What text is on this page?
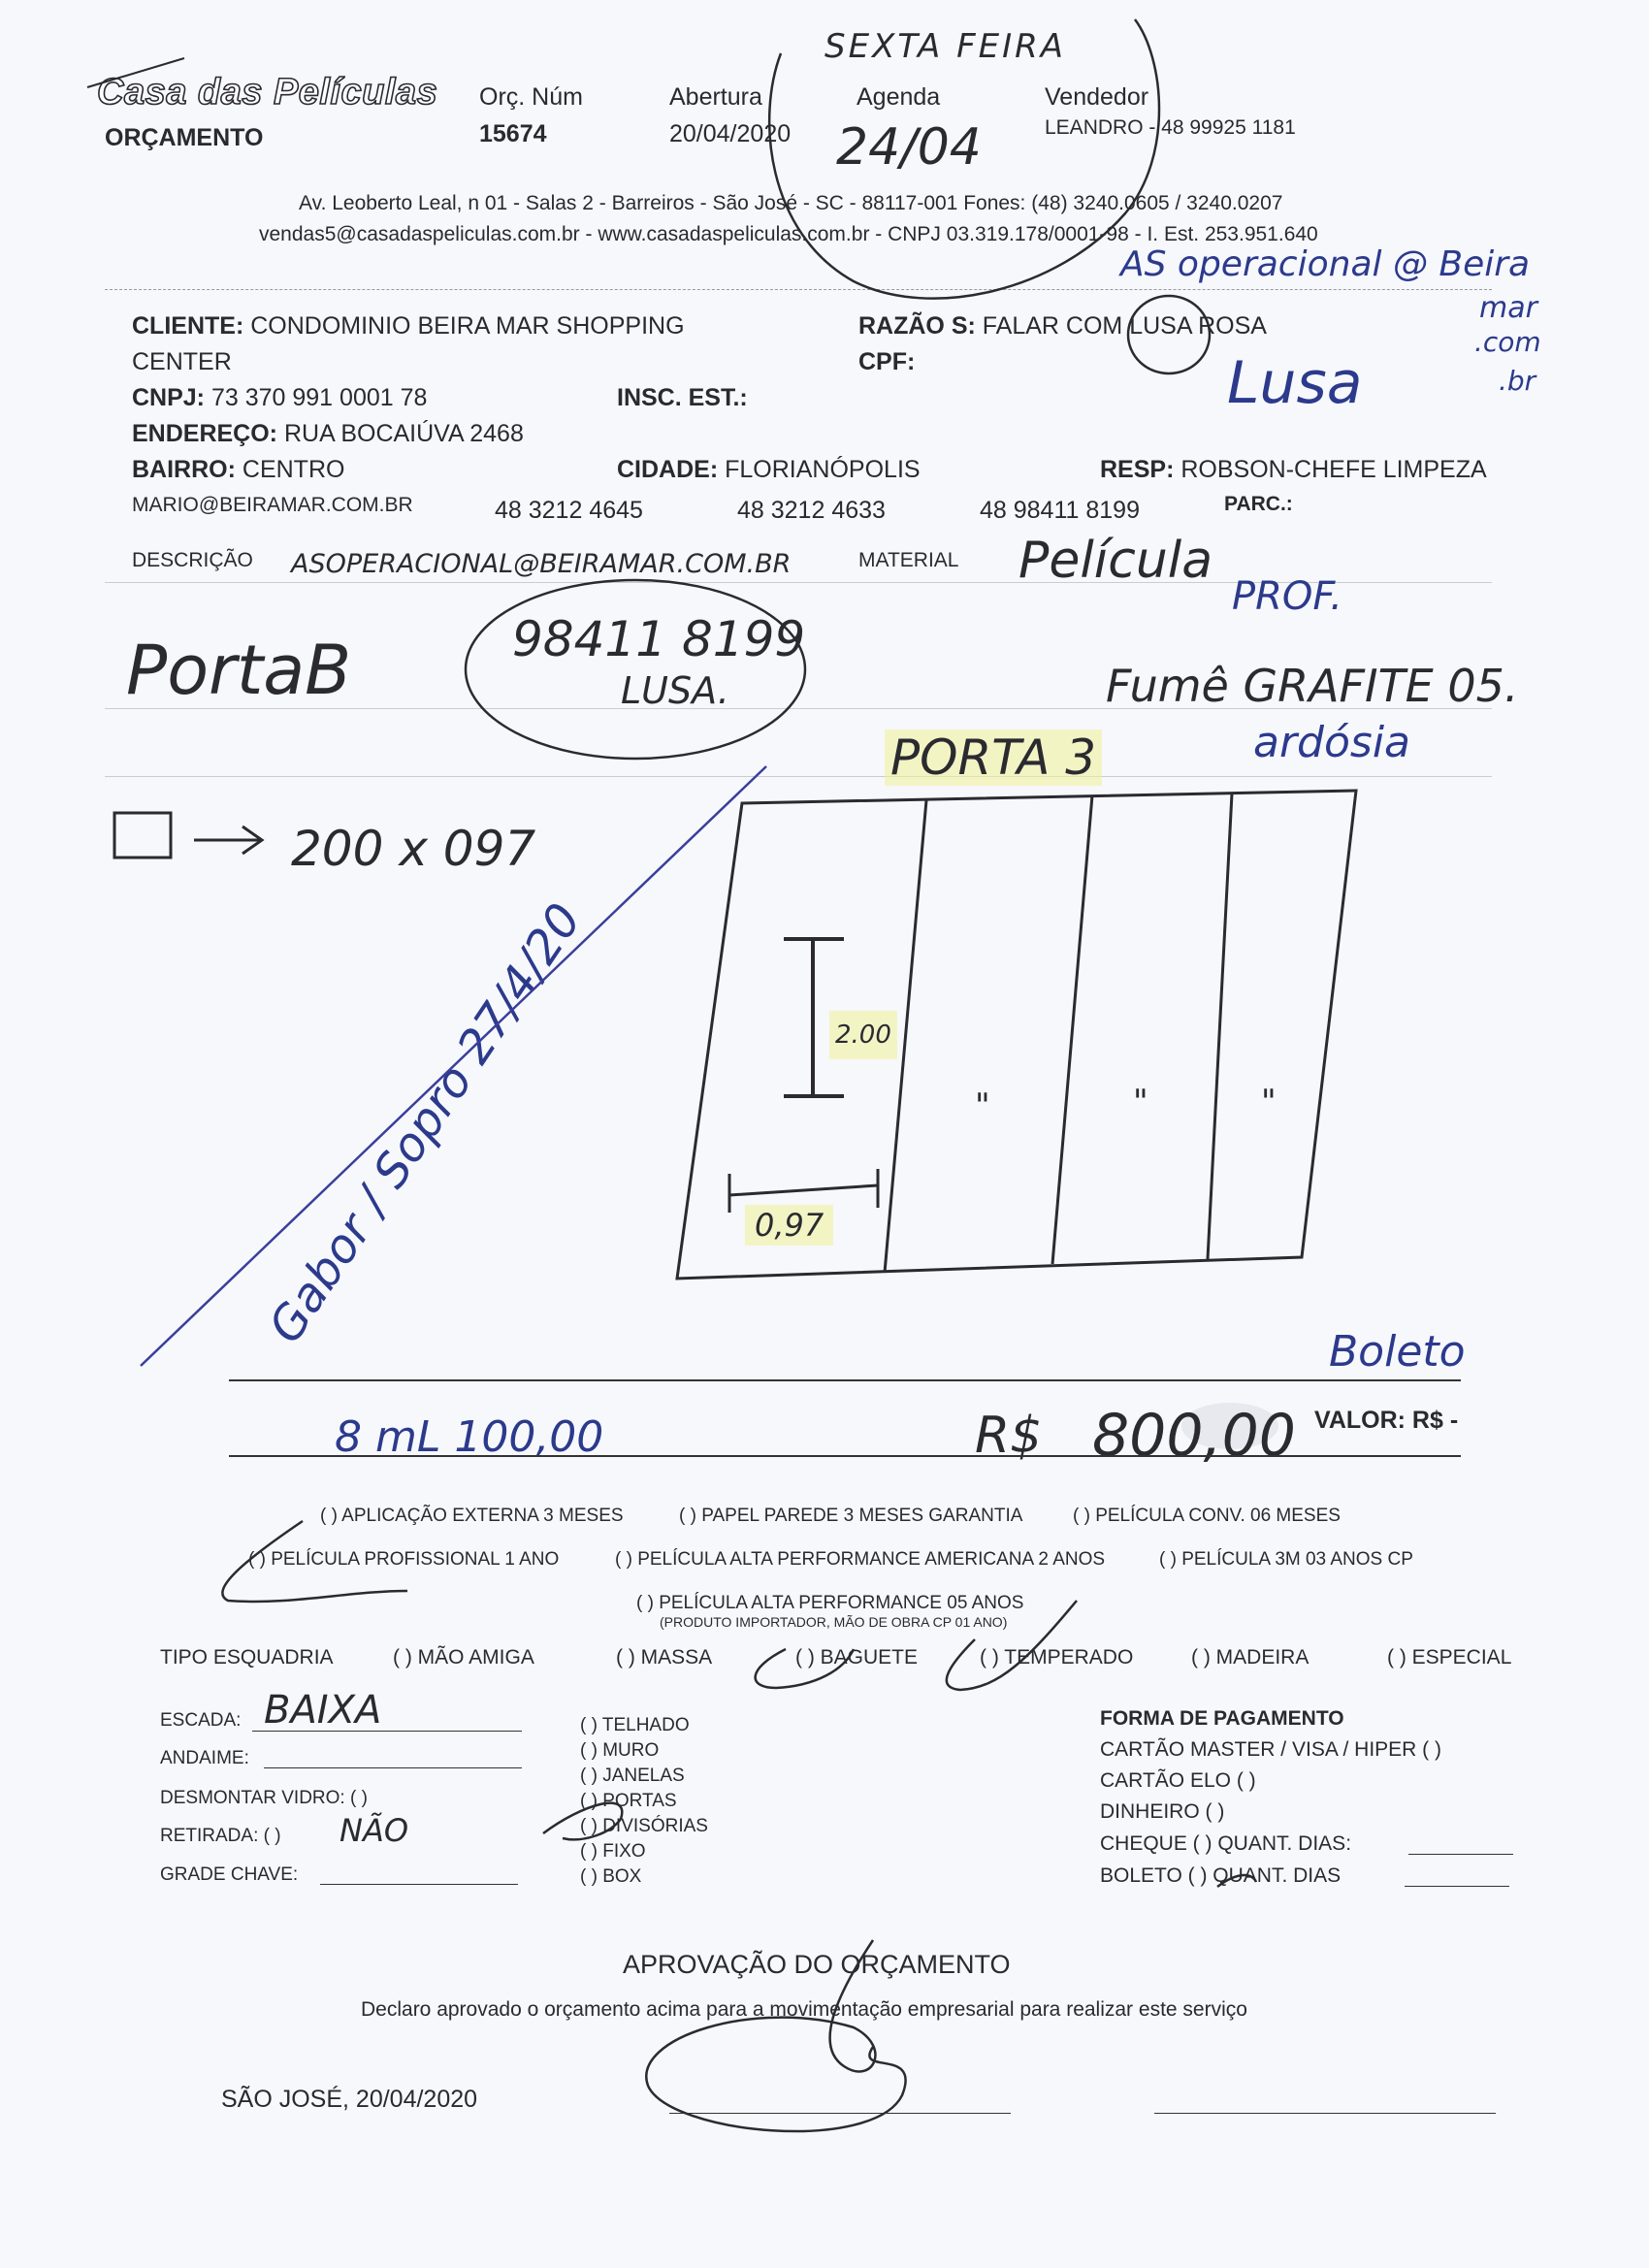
Casa das Películas
ORÇAMENTO
Orç. Núm
15674
Abertura
20/04/2020
Agenda	Vendedor
LEANDRO - 48 99925 1181
SEXTA FEIRA
24/04
Av. Leoberto Leal, n 01 - Salas 2 - Barreiros - São José - SC - 88117-001 Fones: (48) 3240.0605 / 3240.0207
vendas5@casadaspeliculas.com.br - www.casadaspeliculas.com.br - CNPJ 03.319.178/0001-98 - I. Est. 253.951.640
CLIENTE: CONDOMINIO BEIRA MAR SHOPPING
CENTER
RAZÃO S: FALAR COM LUSA ROSA
CPF:
CNPJ: 73 370 991 0001 78	INSC. EST.:
ENDEREÇO: RUA BOCAIÚVA 2468
BAIRRO: CENTRO	CIDADE: FLORIANÓPOLIS	RESP: ROBSON-CHEFE LIMPEZA
MARIO@BEIRAMAR.COM.BR	48 3212 4645	48 3212 4633	48 98411 8199	PARC.:
DESCRIÇÃO	MATERIAL
AS operacional @ Beira
mar
.com
.br
Lusa
ASOPERACIONAL@BEIRAMAR.COM.BR	Película
PROF.
PortaB	98411 8199
LUSA.	Fumê GRAFITE 05.
ardósia
PORTA 3
200 x 097
2.00
0,97
"	"	"
Gabor / Sopro 27/4/20	Boleto
8 mL 100,00	R$ 800,00 VALOR: R$ -
( ) APLICAÇÃO EXTERNA 3 MESES	( ) PAPEL PAREDE 3 MESES GARANTIA	( ) PELÍCULA CONV. 06 MESES
( ) PELÍCULA PROFISSIONAL 1 ANO	( ) PELÍCULA ALTA PERFORMANCE AMERICANA 2 ANOS	( ) PELÍCULA 3M 03 ANOS CP
( ) PELÍCULA ALTA PERFORMANCE 05 ANOS
(PRODUTO IMPORTADOR, MÃO DE OBRA CP 01 ANO)
TIPO ESQUADRIA	( ) MÃO AMIGA	( ) MASSA	( ) BAGUETE	( ) TEMPERADO	( ) MADEIRA	( ) ESPECIAL
ESCADA: BAIXA
ANDAIME:
DESMONTAR VIDRO: ( )
RETIRADA: ( ) NÃO
GRADE CHAVE:
( ) TELHADO
( ) MURO
( ) JANELAS
( ) PORTAS
( ) DIVISÓRIAS
( ) FIXO
( ) BOX
FORMA DE PAGAMENTO
CARTÃO MASTER / VISA / HIPER ( )
CARTÃO ELO ( )
DINHEIRO ( )
CHEQUE ( ) QUANT. DIAS:
BOLETO ( ) QUANT. DIAS
APROVAÇÃO DO ORÇAMENTO
Declaro aprovado o orçamento acima para a movimentação empresarial para realizar este serviço
SÃO JOSÉ, 20/04/2020
